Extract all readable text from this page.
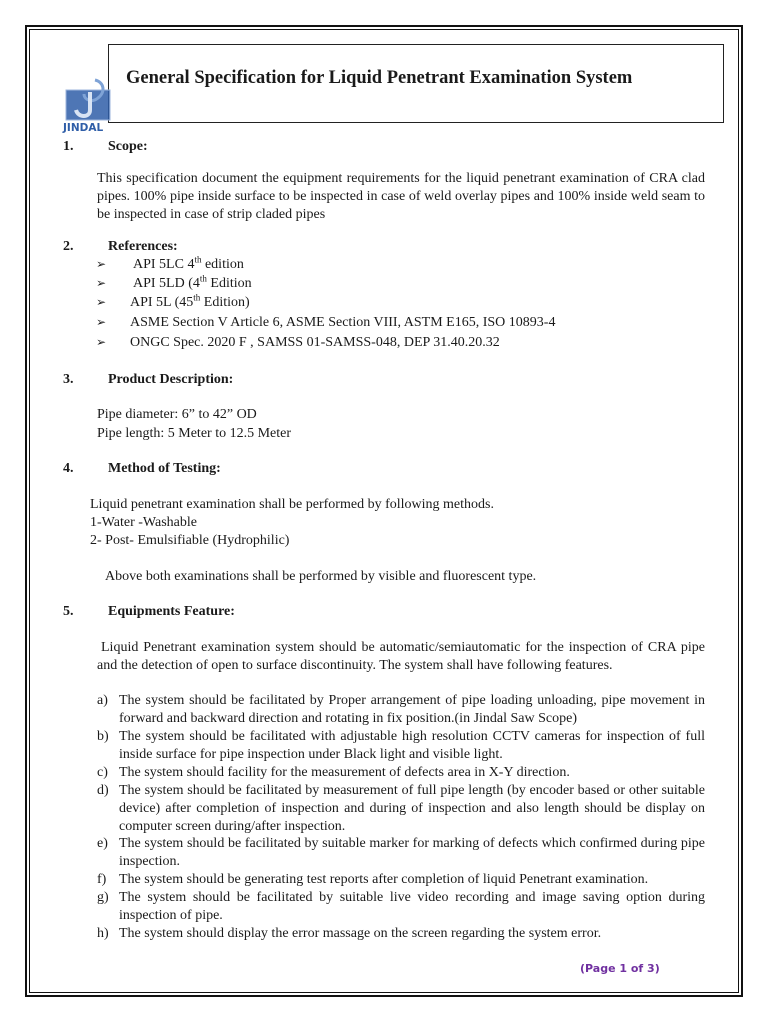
JINDAL
General Specification for Liquid Penetrant Examination System
1. Scope:
This specification document the equipment requirements for the liquid penetrant examination of CRA clad pipes. 100% pipe inside surface to be inspected in case of weld overlay pipes and 100% inside weld seam to be inspected in case of strip claded pipes
2. References:
➢ API 5LC 4th edition
➢ API 5LD (4th Edition
➢ API 5L (45th Edition)
➢ ASME Section V Article 6, ASME Section VIII, ASTM E165, ISO 10893-4
➢ ONGC Spec. 2020 F , SAMSS 01-SAMSS-048, DEP 31.40.20.32
3. Product Description:
Pipe diameter: 6” to 42” OD
Pipe length: 5 Meter to 12.5 Meter
4. Method of Testing:
Liquid penetrant examination shall be performed by following methods.
1-Water -Washable
2- Post- Emulsifiable (Hydrophilic)
Above both examinations shall be performed by visible and fluorescent type.
5. Equipments Feature:
Liquid Penetrant examination system should be automatic/semiautomatic for the inspection of CRA pipe and the detection of open to surface discontinuity. The system shall have following features.
a) The system should be facilitated by Proper arrangement of pipe loading unloading, pipe movement in forward and backward direction and rotating in fix position.(in Jindal Saw Scope)
b) The system should be facilitated with adjustable high resolution CCTV cameras for inspection of full inside surface for pipe inspection under Black light and visible light.
c) The system should facility for the measurement of defects area in X-Y direction.
d) The system should be facilitated by measurement of full pipe length (by encoder based or other suitable device) after completion of inspection and during of inspection and also length should be display on computer screen during/after inspection.
e) The system should be facilitated by suitable marker for marking of defects which confirmed during pipe inspection.
f) The system should be generating test reports after completion of liquid Penetrant examination.
g) The system should be facilitated by suitable live video recording and image saving option during inspection of pipe.
h) The system should display the error massage on the screen regarding the system error.
(Page 1 of 3)
